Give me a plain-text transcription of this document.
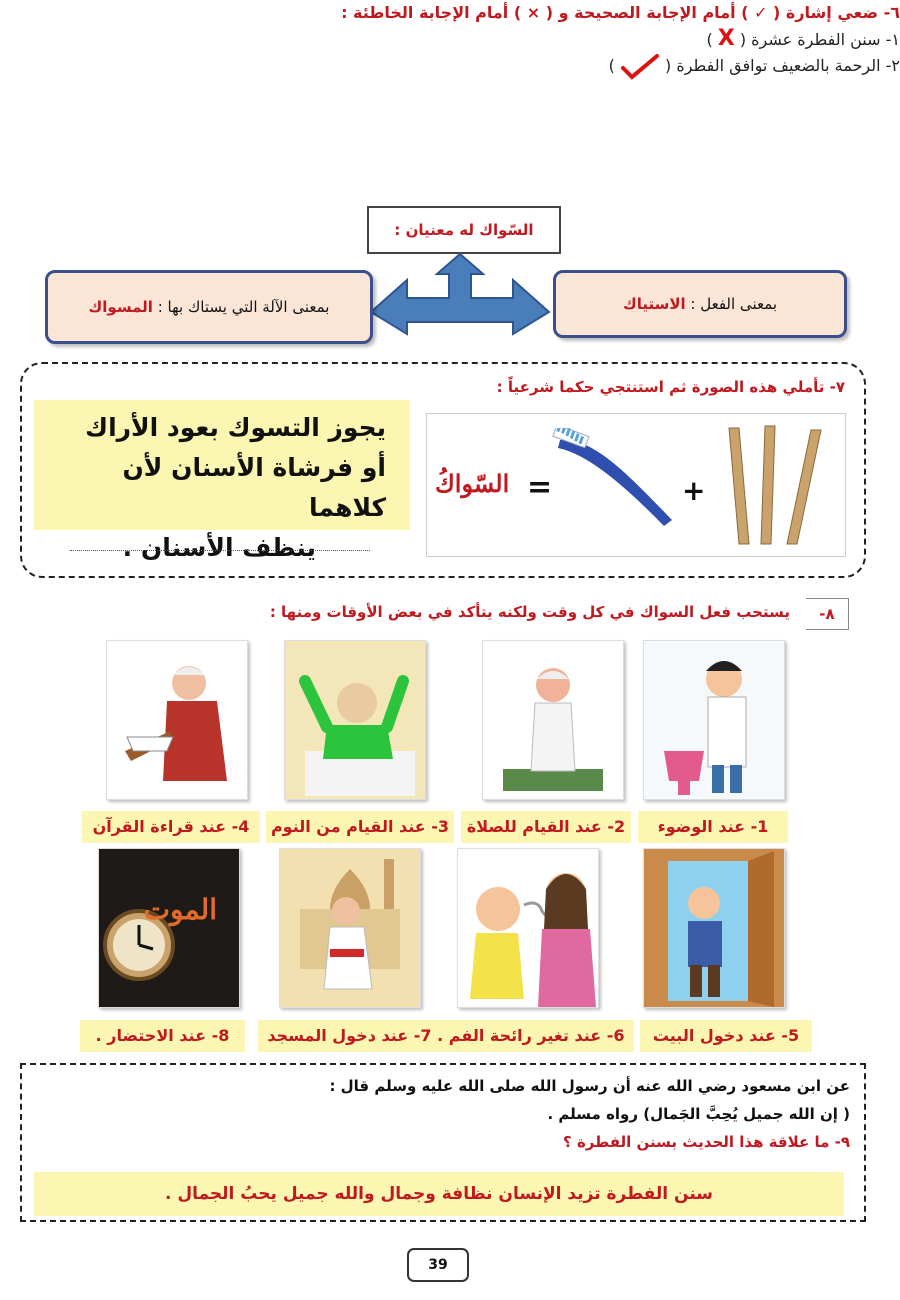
٦- ضعي إشارة ( ✓ ) أمام الإجابة الصحيحة و ( × ) أمام الإجابة الخاطئة :
١- سنن الفطرة عشرة ( X )
٢- الرحمة بالضعيف توافق الفطرة (  )
السّواك له معنيان :
بمعنى الآلة التي يستاك بها : المسواك	بمعنى الفعل : الاستياك
٧- تأملي هذه الصورة ثم استنتجي حكما شرعياً :
يجوز التسوك بعود الأراك
أو فرشاة الأسنان لأن كلاهما
ينظف الأسنان .
السّواكُ =	+
٨-
يستحب فعل السواك في كل وقت ولكنه يتأكد في بعض الأوقات ومنها :
1- عند الوضوء
2- عند القيام للصلاة
3- عند القيام من النوم
4- عند قراءة القرآن
الموت
5- عند دخول البيت
6- عند تغير رائحة الفم . 7- عند دخول المسجد
8- عند الاحتضار .
عن ابن مسعود رضي الله عنه أن رسول الله صلى الله عليه وسلم قال :
( إن الله جميل يُحِبَّ الجَمال) رواه مسلم .
٩- ما علاقة هذا الحديث بسنن الفطرة ؟
سنن الفطرة تزيد الإنسان نظافة وجمال والله جميل يحبُ الجمال .
39
